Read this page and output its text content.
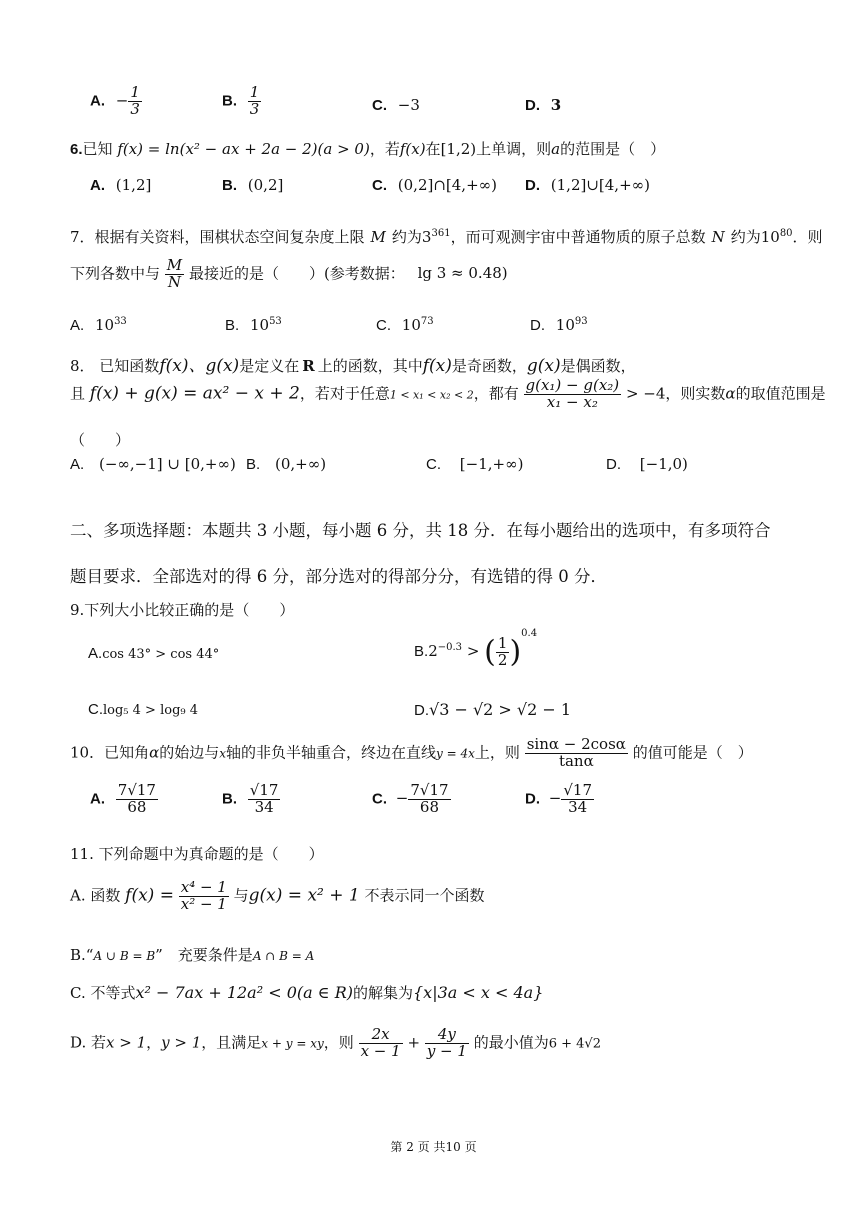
A. − $\frac{1}{3}$	B. $\frac{1}{3}$	C. −3	D. 3
6.已知 f(x) = ln(x² − ax + 2a − 2)(a > 0)，若f(x)在[1,2)上单调，则a的范围是（　）
A. (1,2]	B. (0,2]	C. (0,2]∩[4,+∞) D. (1,2]∪[4,+∞)
7．根据有关资料，围棋状态空间复杂度上限 M 约为$3^{361}$，而可观测宇宙中普通物质的原子总数 N 约为$10^{80}$．则
下列各数中与 $\frac{M}{N}$ 最接近的是（　　）(参考数据： lg 3 ≈ 0.48)
A. $10^{33}$	B. $10^{53}$	C. $10^{73}$	D. $10^{93}$
8． 已知函数f(x)、g(x)是定义在 R 上的函数，其中f(x)是奇函数，g(x)是偶函数，
且 f(x) + g(x) = ax² − x + 2，若对于任意1 < x₁ < x₂ < 2，都有 $\frac{\text{g(x₁) − g(x₂)}}{\text{x₁ − x₂}} > -4$，则实数α的取值范围是
（　　）
A. (−∞,−1] ∪ [0,+∞) B. (0,+∞)	C. [−1,+∞)	D. [−1,0)
二、多项选择题：本题共 3 小题，每小题 6 分，共 18 分．在每小题给出的选项中，有多项符合
题目要求．全部选对的得 6 分，部分选对的得部分分，有选错的得 0 分．
9.下列大小比较正确的是（　　）
A.cos 43° > cos 44°	$B.2^{-0.3}$ > ( $\frac{1}{2} )^{0.4}$
C.log₅ 4 > log₉ 4	D.√3 − √2 > √2 − 1
10．已知角α的始边与x轴的非负半轴重合，终边在直线y = 4x上，则 $\frac{\sin\alpha - 2\cos\alpha}{\tan\alpha}$ 的值可能是（　）
A. $\frac{7√17}{68}$	B. $\frac{√17}{34}$	C. − $\frac{7√17}{68}$	D. − $\frac{√17}{34}$
11. 下列命题中为真命题的是（　　）
A. 函数 $f(x) = \frac{\text{x⁴ − 1}}{\text{x² − 1}}$ 与g(x) = x² + 1 不表示同一个函数
B.“A ∪ B = B”　充要条件是A ∩ B = A
C. 不等式x² − 7ax + 12a² < 0(a ∈ R)的解集为{x|3a < x < 4a}
D. 若x > 1，y > 1，且满足x + y = xy，则 $\frac{2x}{x - 1} + \frac{4y}{y - 1}$ 的最小值为6 + 4√2
第 2 页 共10 页
